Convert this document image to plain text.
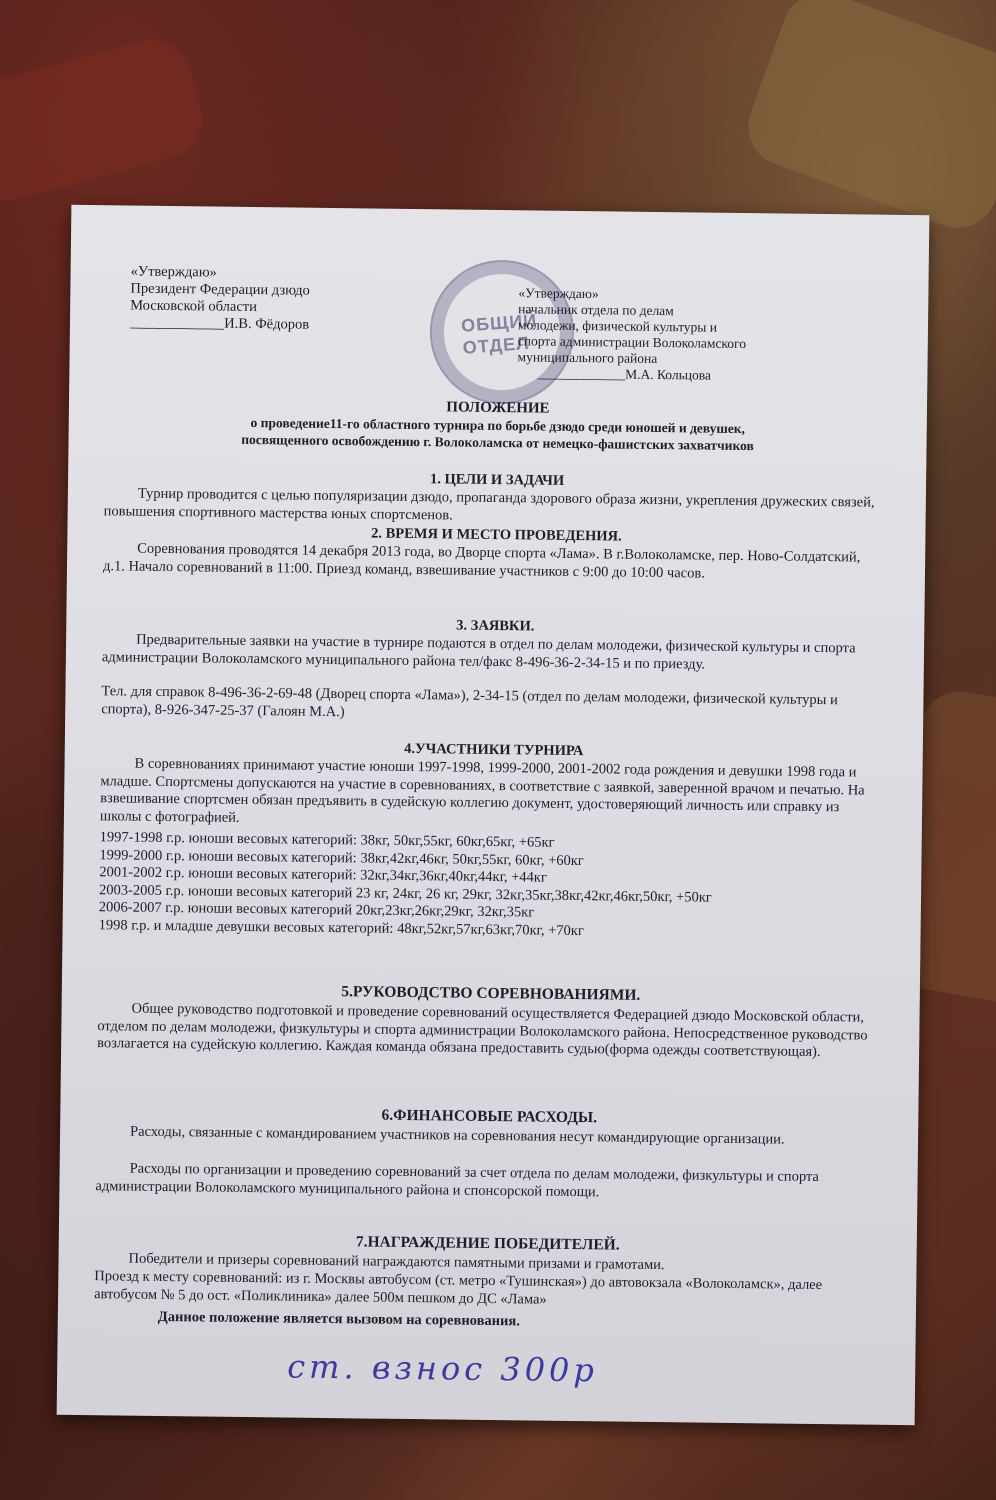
«Утверждаю»
Президент Федерации дзюдо
Московской области
_____________И.В. Фёдоров	ОБЩИЙ
ОТДЕЛ
«Утверждаю»
начальник отдела по делам
молодежи, физической культуры и
спорта администрации Волоколамского
муниципального района
_____________М.А. Кольцова
ПОЛОЖЕНИЕ
о проведение11-го областного турнира по борьбе дзюдо среди юношей и девушек,
посвященного освобождению г. Волоколамска от немецко-фашистских захватчиков
1. ЦЕЛИ И ЗАДАЧИ
Турнир проводится с целью популяризации дзюдо, пропаганда здорового образа жизни, укрепления дружеских связей, повышения спортивного мастерства юных спортсменов.
2. ВРЕМЯ И МЕСТО ПРОВЕДЕНИЯ.
Соревнования проводятся 14 декабря 2013 года, во Дворце спорта «Лама». В г.Волоколамске, пер. Ново-Солдатский, д.1. Начало соревнований в 11:00. Приезд команд, взвешивание участников с 9:00 до 10:00 часов.
3. ЗАЯВКИ.
Предварительные заявки на участие в турнире подаются в отдел по делам молодежи, физической культуры и спорта администрации Волоколамского муниципального района тел/факс 8-496-36-2-34-15 и по приезду.
Тел. для справок 8-496-36-2-69-48 (Дворец спорта «Лама»), 2-34-15 (отдел по делам молодежи, физической культуры и спорта), 8-926-347-25-37 (Галоян М.А.)
4.УЧАСТНИКИ ТУРНИРА
В соревнованиях принимают участие юноши 1997-1998, 1999-2000, 2001-2002 года рождения и девушки 1998 года и младше. Спортсмены допускаются на участие в соревнованиях, в соответствие с заявкой, заверенной врачом и печатью. На взвешивание спортсмен обязан предъявить в судейскую коллегию документ, удостоверяющий личность или справку из школы с фотографией.
1997-1998 г.р. юноши весовых категорий: 38кг, 50кг,55кг, 60кг,65кг, +65кг
1999-2000 г.р. юноши весовых категорий: 38кг,42кг,46кг, 50кг,55кг, 60кг, +60кг
2001-2002 г.р. юноши весовых категорий: 32кг,34кг,36кг,40кг,44кг, +44кг
2003-2005 г.р. юноши весовых категорий 23 кг, 24кг, 26 кг, 29кг, 32кг,35кг,38кг,42кг,46кг,50кг, +50кг
2006-2007 г.р. юноши весовых категорий 20кг,23кг,26кг,29кг, 32кг,35кг
1998 г.р. и младше девушки весовых категорий: 48кг,52кг,57кг,63кг,70кг, +70кг
5.РУКОВОДСТВО СОРЕВНОВАНИЯМИ.
Общее руководство подготовкой и проведение соревнований осуществляется Федерацией дзюдо Московской области, отделом по делам молодежи, физкультуры и спорта администрации Волоколамского района. Непосредственное руководство возлагается на судейскую коллегию. Каждая команда обязана предоставить судью(форма одежды соответствующая).
6.ФИНАНСОВЫЕ РАСХОДЫ.
Расходы, связанные с командированием участников на соревнования несут командирующие организации.
Расходы по организации и проведению соревнований за счет отдела по делам молодежи, физкультуры и спорта администрации Волоколамского муниципального района и спонсорской помощи.
7.НАГРАЖДЕНИЕ ПОБЕДИТЕЛЕЙ.
Победители и призеры соревнований награждаются памятными призами и грамотами.
Проезд к месту соревнований: из г. Москвы автобусом (ст. метро «Тушинская») до автовокзала «Волоколамск», далее автобусом № 5 до ост. «Поликлиника» далее 500м пешком до ДС «Лама»
Данное положение является вызовом на соревнования.
ст. взнос 300р
